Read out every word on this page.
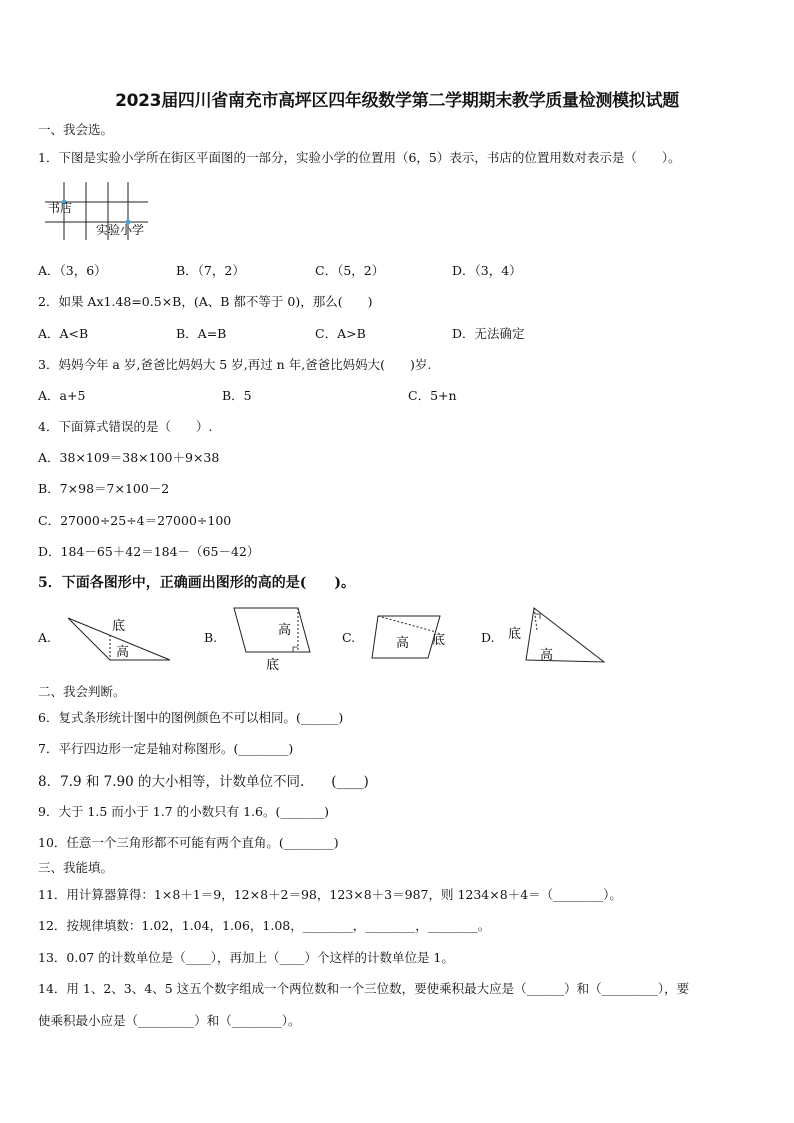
2023届四川省南充市高坪区四年级数学第二学期期末教学质量检测模拟试题
一、我会选。
1．下图是实验小学所在街区平面图的一部分，实验小学的位置用（6，5）表示，书店的位置用数对表示是（　　）。
书店
实验小学
A．（3，6）	B．（7，2）	C．（5，2）	D．（3，4）
2．如果 Ax1.48=0.5×B，(A、B 都不等于 0)，那么(　　)
A．A<B	B．A=B	C．A>B	D．无法确定
3．妈妈今年 a 岁,爸爸比妈妈大 5 岁,再过 n 年,爸爸比妈妈大(　　)岁.
A．a+5	B．5	C．5+n
4．下面算式错误的是（　　）.
A．38×109＝38×100＋9×38
B．7×98＝7×100－2
C．27000÷25÷4＝27000÷100
D．184－65＋42＝184－（65－42）
5．下面各图形中，正确画出图形的高的是(　　)。
A.
底
高
B.	高
底
C.	高 底	D. 底
高
二、我会判断。
6．复式条形统计图中的图例颜色不可以相同。(______)
7．平行四边形一定是轴对称图形。(________)
8．7.9 和 7.90 的大小相等，计数单位不同.　　(____)
9．大于 1.5 而小于 1.7 的小数只有 1.6。(_______)
10．任意一个三角形都不可能有两个直角。(________)
三、我能填。
11．用计算器算得：1×8＋1＝9，12×8＋2＝98，123×8＋3＝987，则 1234×8＋4＝（________）。
12．按规律填数：1.02，1.04，1.06，1.08，________，________，________。
13．0.07 的计数单位是（____），再加上（____）个这样的计数单位是 1。
14．用 1、2、3、4、5 这五个数字组成一个两位数和一个三位数，要使乘积最大应是（______）和（_________），要
使乘积最小应是（_________）和（________）。
